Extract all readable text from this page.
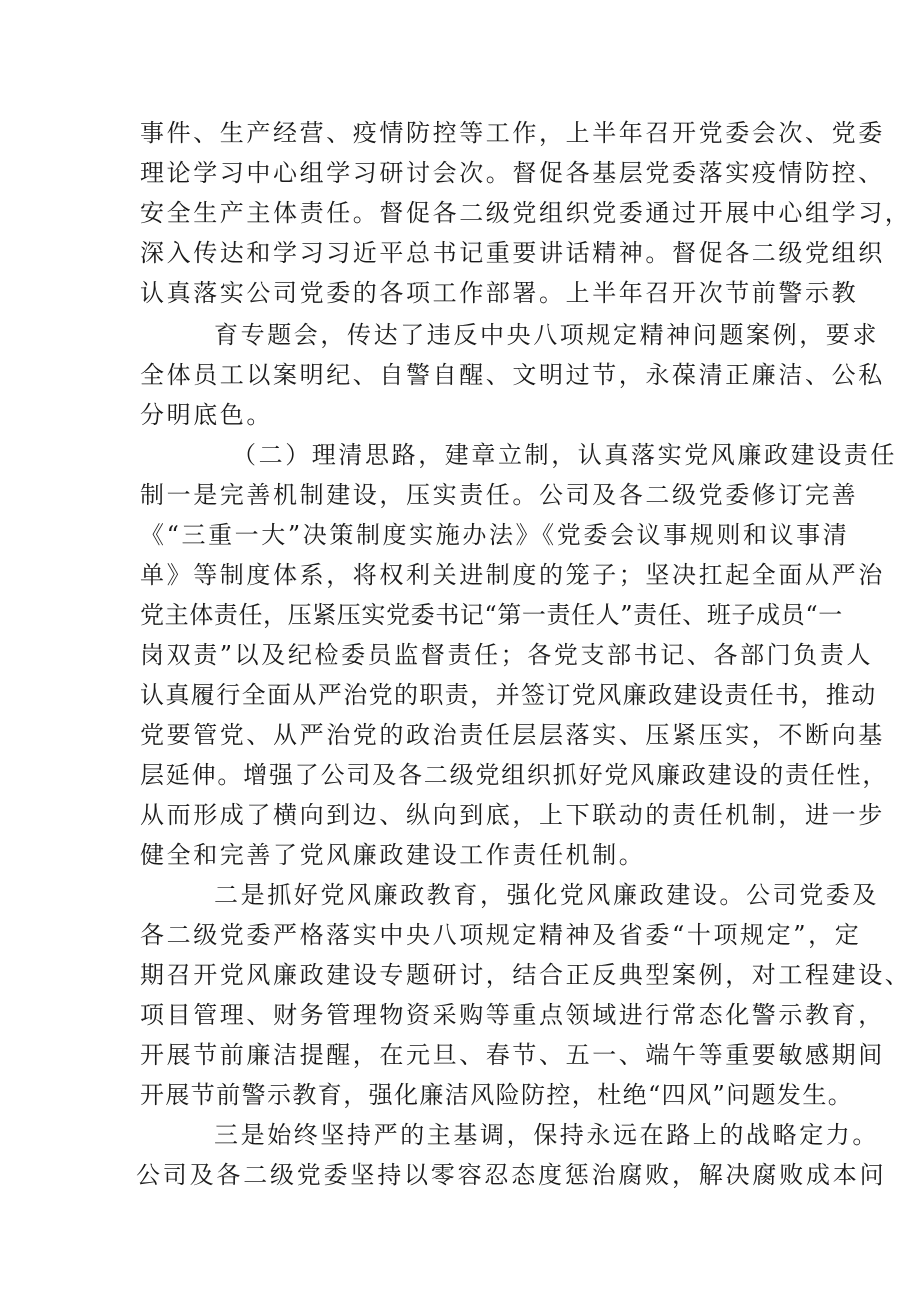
事件、生产经营、疫情防控等工作，上半年召开党委会次、党委
理论学习中心组学习研讨会次。督促各基层党委落实疫情防控、
安全生产主体责任。督促各二级党组织党委通过开展中心组学习，
深入传达和学习习近平总书记重要讲话精神。督促各二级党组织
认真落实公司党委的各项工作部署。上半年召开次节前警示教
育专题会，传达了违反中央八项规定精神问题案例，要求
全体员工以案明纪、自警自醒、文明过节，永葆清正廉洁、公私
分明底色。
（二）理清思路，建章立制，认真落实党风廉政建设责任
制一是完善机制建设，压实责任。公司及各二级党委修订完善
《“三重一大”决策制度实施办法》《党委会议事规则和议事清
单》等制度体系，将权利关进制度的笼子；坚决扛起全面从严治
党主体责任，压紧压实党委书记“第一责任人”责任、班子成员“一
岗双责”以及纪检委员监督责任；各党支部书记、各部门负责人
认真履行全面从严治党的职责，并签订党风廉政建设责任书，推动
党要管党、从严治党的政治责任层层落实、压紧压实，不断向基
层延伸。增强了公司及各二级党组织抓好党风廉政建设的责任性，
从而形成了横向到边、纵向到底，上下联动的责任机制，进一步
健全和完善了党风廉政建设工作责任机制。
二是抓好党风廉政教育，强化党风廉政建设。公司党委及
各二级党委严格落实中央八项规定精神及省委“十项规定”，定
期召开党风廉政建设专题研讨，结合正反典型案例，对工程建设、
项目管理、财务管理物资采购等重点领域进行常态化警示教育，
开展节前廉洁提醒，在元旦、春节、五一、端午等重要敏感期间
开展节前警示教育，强化廉洁风险防控，杜绝“四风”问题发生。
三是始终坚持严的主基调，保持永远在路上的战略定力。
公司及各二级党委坚持以零容忍态度惩治腐败，解决腐败成本问
